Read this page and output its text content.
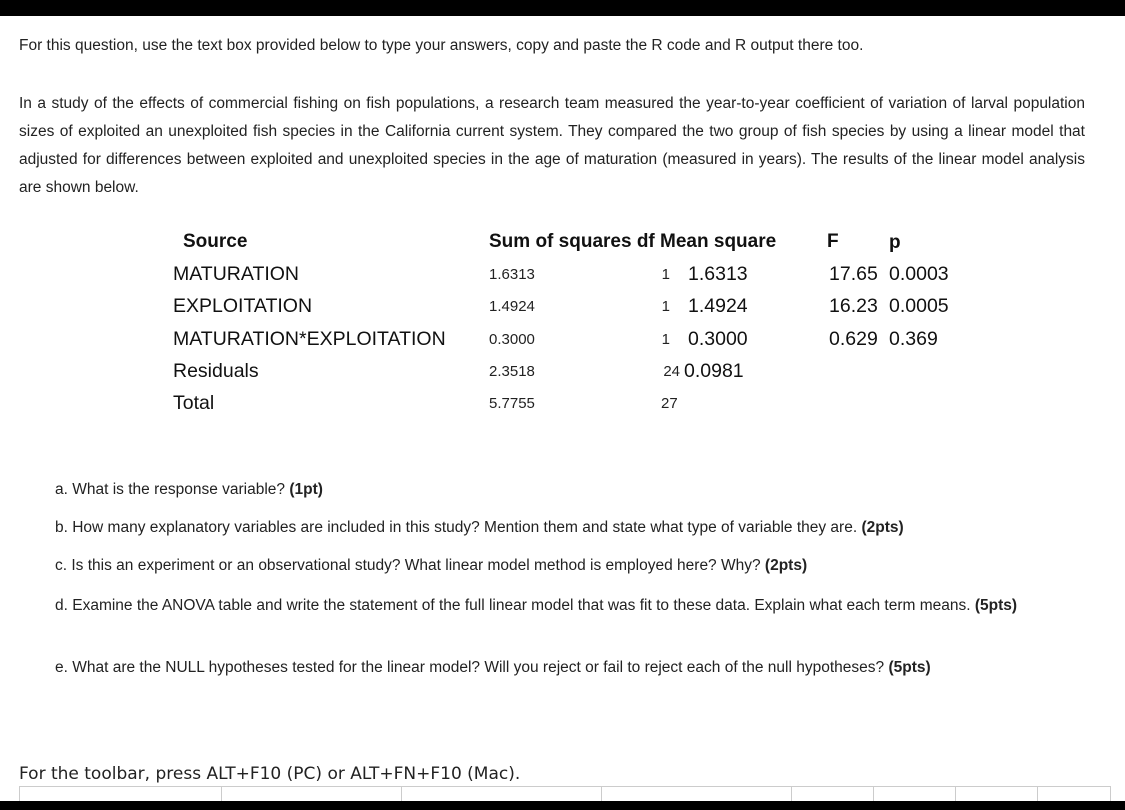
For this question, use the text box provided below to type your answers, copy and paste the R code and R output there too.

In a study of the effects of commercial fishing on fish populations, a research team measured the year-to-year coefficient of variation of larval population sizes of exploited an unexploited fish species in the California current system. They compared the two group of fish species by using a linear model that adjusted for differences between exploited and unexploited species in the age of maturation (measured in years). The results of the linear model analysis are shown below.

Source	Sum of squares df Mean square	F	p
MATURATION	1.6313	1 1.6313	17.65 0.0003
EXPLOITATION	1.4924	1 1.4924	16.23 0.0005
MATURATION*EXPLOITATION	0.3000	1 0.3000	0.629 0.369
Residuals	2.3518	24 0.0981
Total	5.7755	27

a. What is the response variable? (1pt)

b. How many explanatory variables are included in this study? Mention them and state what type of variable they are. (2pts)

c. Is this an experiment or an observational study? What linear model method is employed here? Why? (2pts)

d. Examine the ANOVA table and write the statement of the full linear model that was fit to these data. Explain what each term means. (5pts)

e. What are the NULL hypotheses tested for the linear model? Will you reject or fail to reject each of the null hypotheses? (5pts)

For the toolbar, press ALT+F10 (PC) or ALT+FN+F10 (Mac).
